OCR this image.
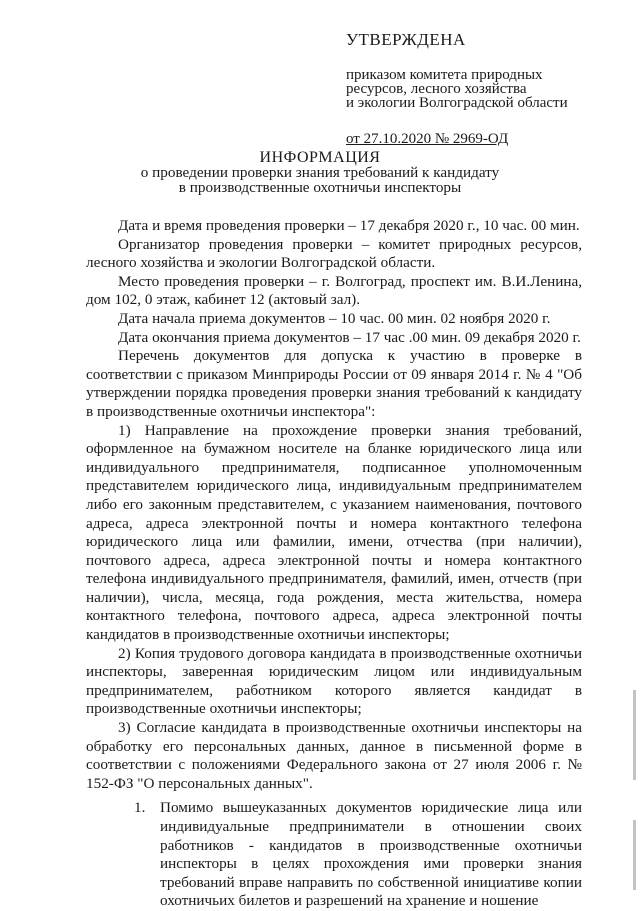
УТВЕРЖДЕНА
приказом комитета природных
ресурсов, лесного хозяйства
и экологии Волгоградской области
от 27.10.2020 № 2969-ОД
ИНФОРМАЦИЯ
о проведении проверки знания требований к кандидату
в производственные охотничьи инспекторы
Дата и время проведения проверки – 17 декабря 2020 г., 10 час. 00 мин.
Организатор проведения проверки – комитет природных ресурсов, лесного хозяйства и экологии Волгоградской области.
Место проведения проверки – г. Волгоград, проспект им. В.И.Ленина, дом 102, 0 этаж, кабинет 12 (актовый зал).
Дата начала приема документов – 10 час. 00 мин. 02 ноября 2020 г.
Дата окончания приема документов – 17 час .00 мин. 09 декабря 2020 г.
Перечень документов для допуска к участию в проверке в соответствии с приказом Минприроды России от 09 января 2014 г. № 4 "Об утверждении порядка проведения проверки знания требований к кандидату в производственные охотничьи инспектора":
1) Направление на прохождение проверки знания требований, оформленное на бумажном носителе на бланке юридического лица или индивидуального предпринимателя, подписанное уполномоченным представителем юридического лица, индивидуальным предпринимателем либо его законным представителем, с указанием наименования, почтового адреса, адреса электронной почты и номера контактного телефона юридического лица или фамилии, имени, отчества (при наличии), почтового адреса, адреса электронной почты и номера контактного телефона индивидуального предпринимателя, фамилий, имен, отчеств (при наличии), числа, месяца, года рождения, места жительства, номера контактного телефона, почтового адреса, адреса электронной почты кандидатов в производственные охотничьи инспекторы;
2) Копия трудового договора кандидата в производственные охотничьи инспекторы, заверенная юридическим лицом или индивидуальным предпринимателем, работником которого является кандидат в производственные охотничьи инспекторы;
3) Согласие кандидата в производственные охотничьи инспекторы на обработку его персональных данных, данное в письменной форме в соответствии с положениями Федерального закона от 27 июля 2006 г. № 152-ФЗ "О персональных данных".
1. Помимо вышеуказанных документов юридические лица или индивидуальные предприниматели в отношении своих работников - кандидатов в производственные охотничьи инспекторы в целях прохождения ими проверки знания требований вправе направить по собственной инициативе копии охотничьих билетов и разрешений на хранение и ношение
